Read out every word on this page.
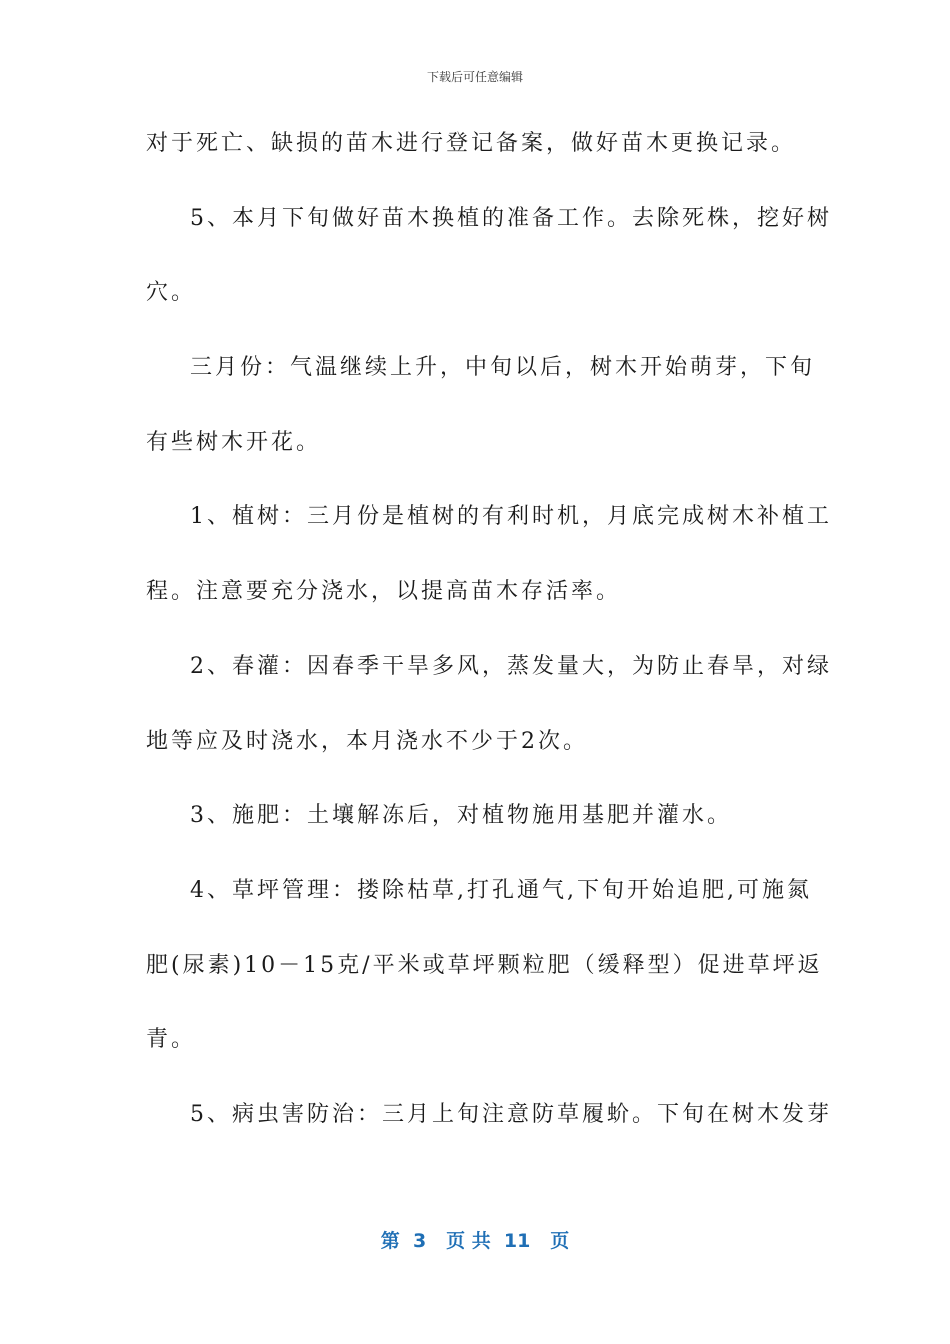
下载后可任意编辑
对于死亡、缺损的苗木进行登记备案，做好苗木更换记录。
5、本月下旬做好苗木换植的准备工作。去除死株，挖好树
穴。
三月份：气温继续上升，中旬以后，树木开始萌芽，下旬
有些树木开花。
1、植树：三月份是植树的有利时机，月底完成树木补植工
程。注意要充分浇水，以提高苗木存活率。
2、春灌：因春季干旱多风，蒸发量大，为防止春旱，对绿
地等应及时浇水，本月浇水不少于2次。
3、施肥：土壤解冻后，对植物施用基肥并灌水。
4、草坪管理：搂除枯草,打孔通气,下旬开始追肥,可施氮
肥(尿素)10－15克/平米或草坪颗粒肥（缓释型）促进草坪返
青。
5、病虫害防治：三月上旬注意防草履蚧。下旬在树木发芽
第  3   页 共  11   页
